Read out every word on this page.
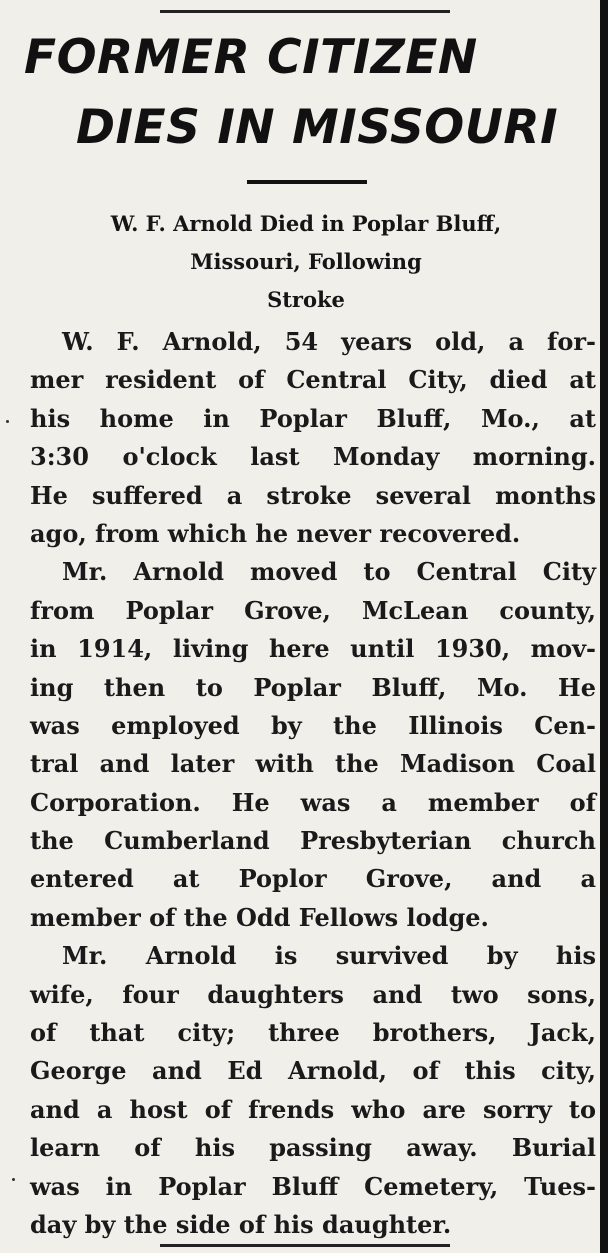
FORMER CITIZEN
DIES IN MISSOURI
W. F. Arnold Died in Poplar Bluff,
Missouri, Following
Stroke
W. F. Arnold, 54 years old, a for-
mer resident of Central City, died at
his home in Poplar Bluff, Mo., at
3:30 o'clock last Monday morning.
He suffered a stroke several months
ago, from which he never recovered.
Mr. Arnold moved to Central City
from Poplar Grove, McLean county,
in 1914, living here until 1930, mov-
ing then to Poplar Bluff, Mo. He
was employed by the Illinois Cen-
tral and later with the Madison Coal
Corporation. He was a member of
the Cumberland Presbyterian church
entered at Poplor Grove, and a
member of the Odd Fellows lodge.
Mr. Arnold is survived by his
wife, four daughters and two sons,
of that city; three brothers, Jack,
George and Ed Arnold, of this city,
and a host of frends who are sorry to
learn of his passing away. Burial
was in Poplar Bluff Cemetery, Tues-
day by the side of his daughter.
